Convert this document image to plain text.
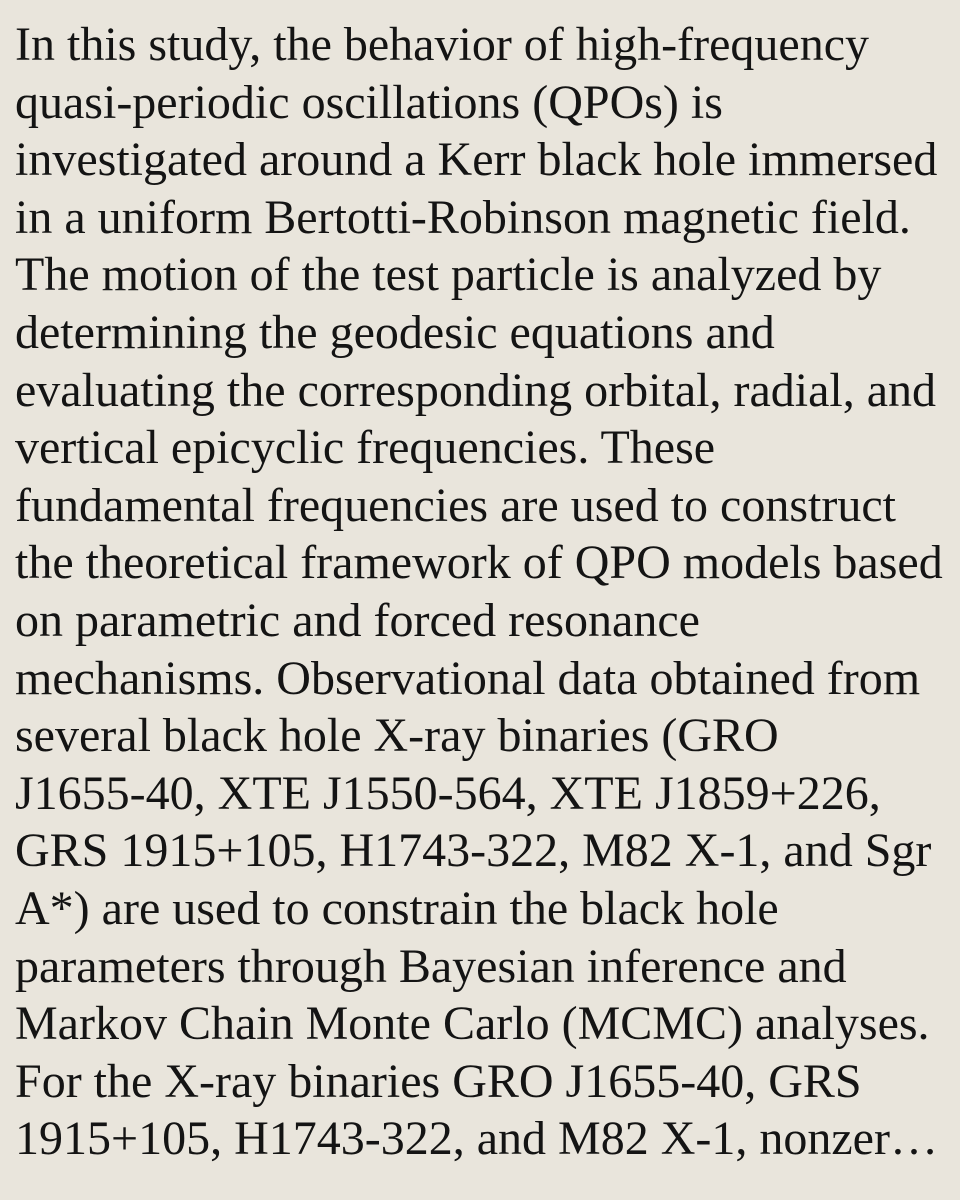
In this study, the behavior of high-frequency
quasi-periodic oscillations (QPOs) is
investigated around a Kerr black hole immersed
in a uniform Bertotti-Robinson magnetic field.
The motion of the test particle is analyzed by
determining the geodesic equations and
evaluating the corresponding orbital, radial, and
vertical epicyclic frequencies. These
fundamental frequencies are used to construct
the theoretical framework of QPO models based
on parametric and forced resonance
mechanisms. Observational data obtained from
several black hole X-ray binaries (GRO
J1655-40, XTE J1550-564, XTE J1859+226,
GRS 1915+105, H1743-322, M82 X-1, and Sgr
A*) are used to constrain the black hole
parameters through Bayesian inference and
Markov Chain Monte Carlo (MCMC) analyses.
For the X-ray binaries GRO J1655-40, GRS
1915+105, H1743-322, and M82 X-1, nonzer…
